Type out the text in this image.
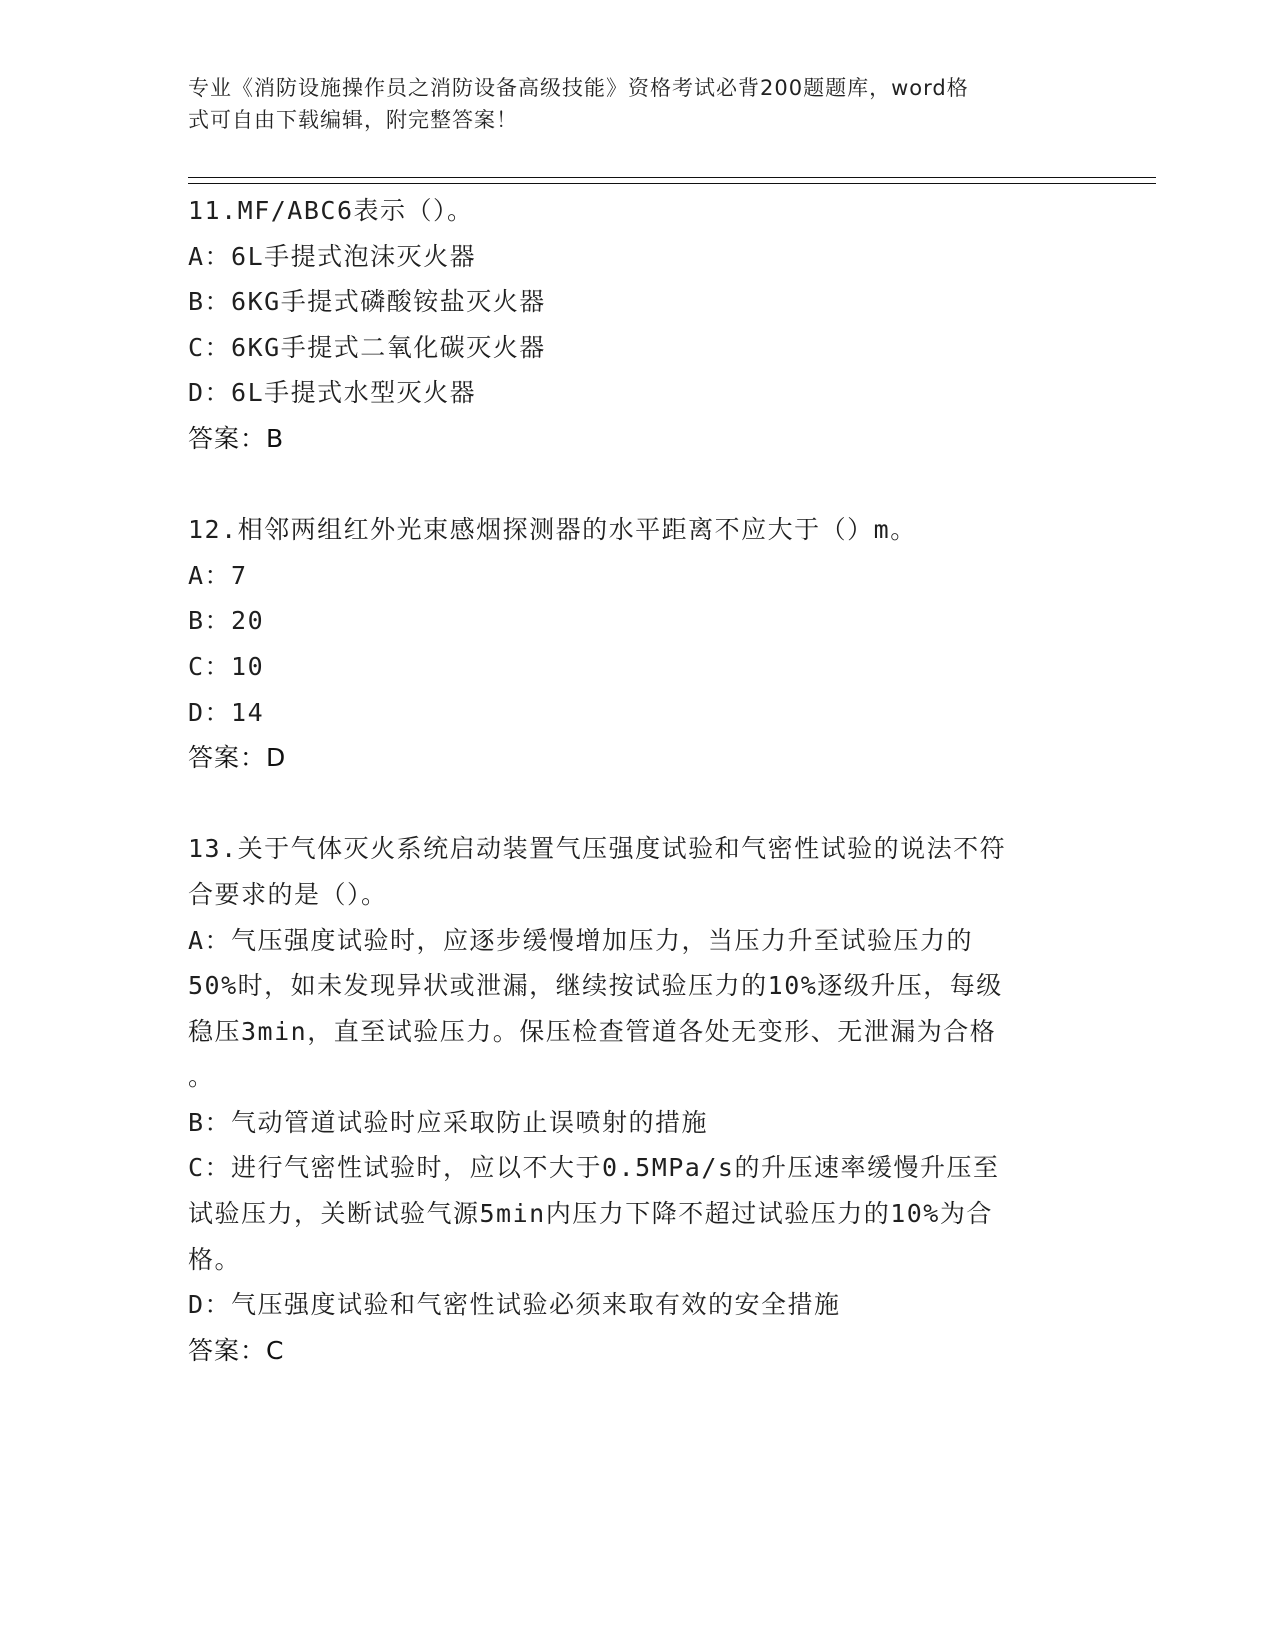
专业《消防设施操作员之消防设备高级技能》资格考试必背200题题库，word格
式可自由下载编辑，附完整答案！
11.MF/ABC6表示（）。
A：6L手提式泡沫灭火器
B：6KG手提式磷酸铵盐灭火器
C：6KG手提式二氧化碳灭火器
D：6L手提式水型灭火器
答案：B
12.相邻两组红外光束感烟探测器的水平距离不应大于（）m。
A：7
B：20
C：10
D：14
答案：D
13.关于气体灭火系统启动装置气压强度试验和气密性试验的说法不符
合要求的是（）。
A：气压强度试验时，应逐步缓慢增加压力，当压力升至试验压力的
50%时，如未发现异状或泄漏，继续按试验压力的10%逐级升压，每级
稳压3min，直至试验压力。保压检查管道各处无变形、无泄漏为合格
。
B：气动管道试验时应采取防止误喷射的措施
C：进行气密性试验时，应以不大于0.5MPa/s的升压速率缓慢升压至
试验压力，关断试验气源5min内压力下降不超过试验压力的10%为合
格。
D：气压强度试验和气密性试验必须来取有效的安全措施
答案：C
